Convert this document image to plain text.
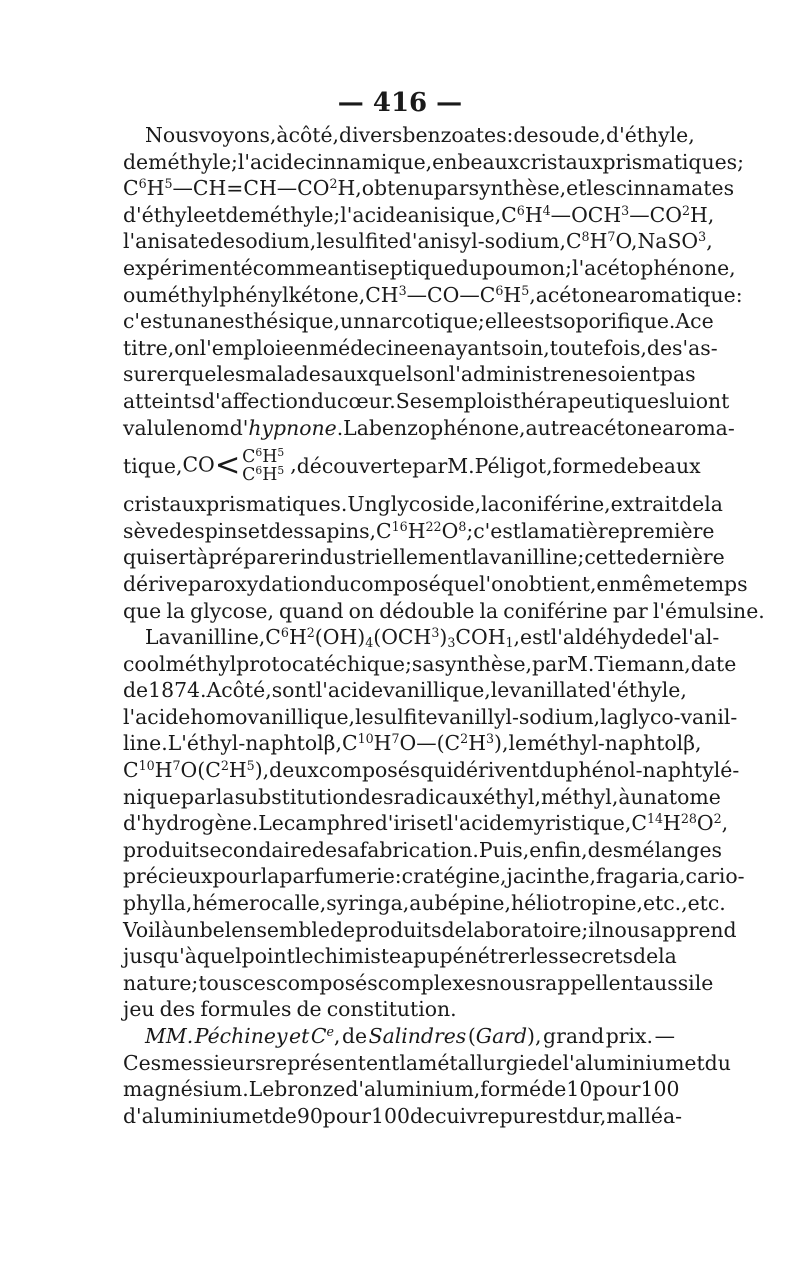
— 416 —
Nous voyons, à côté, divers benzoates : de soude, d'éthyle,
de méthyle ; l'acide cinnamique, en beaux cristaux prismatiques;
$C^6H^5—CH=CH—CO^2H$, obtenu par synthèse, et les cinnamates
d'éthyle et de méthyle ; l'acide anisique, $C^6H^4$ — OCH$^3$ — $CO^2H$,
l'anisate de sodium, le sulfite d'anisyl-sodium, $C^8H^7O$, NaSO$^3$,
expérimenté comme antiseptique du poumon ; l'acétophénone,
ou méthylphénylkétone, $CH^3—CO—C^6H^5$, acétone aromatique :
c'est un anesthésique, un narcotique; elle est soporifique. A ce
titre, on l'emploie en médecine en ayant soin, toutefois, de s'as-
surer que les malades auxquels on l'administre ne soient pas
atteints d'affection du cœur. Ses emplois thérapeutiques lui ont
valu le nom d'hypnone. La benzophénone, autre acétone aroma-
tique, $CO< C^6H^5$
$C^6H^5$ , découverte par M. Péligot, forme de beaux
cristaux prismatiques. Un glycoside, la coniférine, extrait de la
sève des pins et des sapins, $C^{16}H^{22}O^8$; c'est la matière première
qui sert à préparer industriellement la vanilline ; cette dernière
dérive par oxydation du composé que l'on obtient, en même temps
que la glycose, quand on dédouble la coniférine par l'émulsine.
La vanilline, $C^6H^2(OH)_4(OCH^3)_3COH_1$, est l'aldéhyde de l'al-
cool méthylprotocatéchique; sa synthèse, par M. Tiemann, date
de 1874. A côté, sont l'acide vanillique, le vanillate d'éthyle,
l'acide homovanillique, le sulfite vanillyl-sodium, la glyco-vanil-
line. L'éthyl-naphtol β, $C^{10}H^7O$ — $(C^2H^3)$, le méthyl-naphtol β,
$C^{10}H^7O$ $(C^2H^5)$, deux composés qui dérivent du phénol-naphtylé-
nique par la substitution des radicaux éthyl, méthyl, à un atome
d'hydrogène. Le camphre d'iris et l'acide myristique, $C^{14}H^{28}O^2$,
produit secondaire de sa fabrication. Puis, enfin, des mélanges
précieux pour la parfumerie: cratégine, jacinthe, fragaria, cario-
phylla, hémerocalle, syringa, aubépine, héliotropine, etc., etc.
Voilà un bel ensemble de produits de laboratoire; il nous apprend
jusqu'à quel point le chimiste a pu pénétrer les secrets de la
nature; tous ces composés complexes nous rappellent aussi le
jeu des formules de constitution.
MM. Péchiney et Ce, de Salindres (Gard), grand prix. —
Ces messieurs représentent la métallurgie de l'aluminium et du
magnésium. Le bronze d'aluminium, formé de 10 pour 100
d'aluminium et de 90 pour 100 de cuivre pur est dur, malléa-
